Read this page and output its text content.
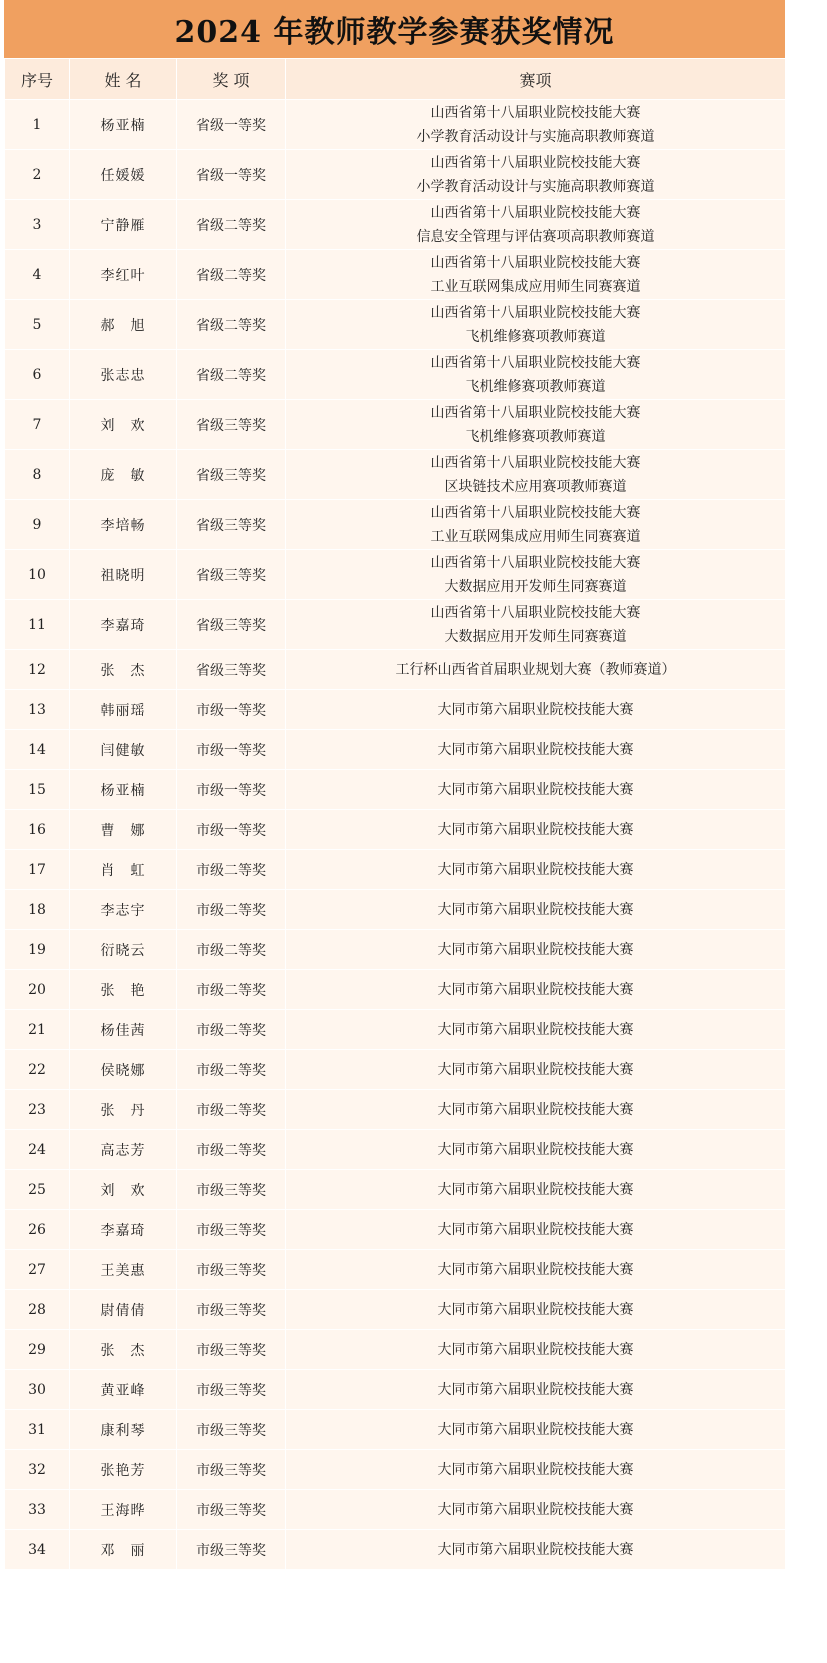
2024 年教师教学参赛获奖情况
序号	姓 名	奖 项	赛项
1	杨亚楠	省级一等奖	山西省第十八届职业院校技能大赛
小学教育活动设计与实施高职教师赛道

2	任媛媛	省级一等奖	山西省第十八届职业院校技能大赛
小学教育活动设计与实施高职教师赛道

3	宁静雁	省级二等奖	山西省第十八届职业院校技能大赛
信息安全管理与评估赛项高职教师赛道

4	李红叶	省级二等奖	山西省第十八届职业院校技能大赛
工业互联网集成应用师生同赛赛道

5	郝　旭	省级二等奖	山西省第十八届职业院校技能大赛
飞机维修赛项教师赛道

6	张志忠	省级二等奖	山西省第十八届职业院校技能大赛
飞机维修赛项教师赛道

7	刘　欢	省级三等奖	山西省第十八届职业院校技能大赛
飞机维修赛项教师赛道

8	庞　敏	省级三等奖	山西省第十八届职业院校技能大赛
区块链技术应用赛项教师赛道

9	李培畅	省级三等奖	山西省第十八届职业院校技能大赛
工业互联网集成应用师生同赛赛道

10	祖晓明	省级三等奖	山西省第十八届职业院校技能大赛
大数据应用开发师生同赛赛道

11	李嘉琦	省级三等奖	山西省第十八届职业院校技能大赛
大数据应用开发师生同赛赛道

12	张　杰	省级三等奖	工行杯山西省首届职业规划大赛（教师赛道）

13	韩丽瑶	市级一等奖	大同市第六届职业院校技能大赛

14	闫健敏	市级一等奖	大同市第六届职业院校技能大赛

15	杨亚楠	市级一等奖	大同市第六届职业院校技能大赛

16	曹　娜	市级一等奖	大同市第六届职业院校技能大赛

17	肖　虹	市级二等奖	大同市第六届职业院校技能大赛

18	李志宇	市级二等奖	大同市第六届职业院校技能大赛

19	衍晓云	市级二等奖	大同市第六届职业院校技能大赛

20	张　艳	市级二等奖	大同市第六届职业院校技能大赛

21	杨佳茜	市级二等奖	大同市第六届职业院校技能大赛

22	侯晓娜	市级二等奖	大同市第六届职业院校技能大赛

23	张　丹	市级二等奖	大同市第六届职业院校技能大赛

24	高志芳	市级二等奖	大同市第六届职业院校技能大赛

25	刘　欢	市级三等奖	大同市第六届职业院校技能大赛

26	李嘉琦	市级三等奖	大同市第六届职业院校技能大赛

27	王美惠	市级三等奖	大同市第六届职业院校技能大赛

28	尉倩倩	市级三等奖	大同市第六届职业院校技能大赛

29	张　杰	市级三等奖	大同市第六届职业院校技能大赛

30	黄亚峰	市级三等奖	大同市第六届职业院校技能大赛

31	康利琴	市级三等奖	大同市第六届职业院校技能大赛

32	张艳芳	市级三等奖	大同市第六届职业院校技能大赛

33	王海晔	市级三等奖	大同市第六届职业院校技能大赛

34	邓　丽	市级三等奖	大同市第六届职业院校技能大赛
